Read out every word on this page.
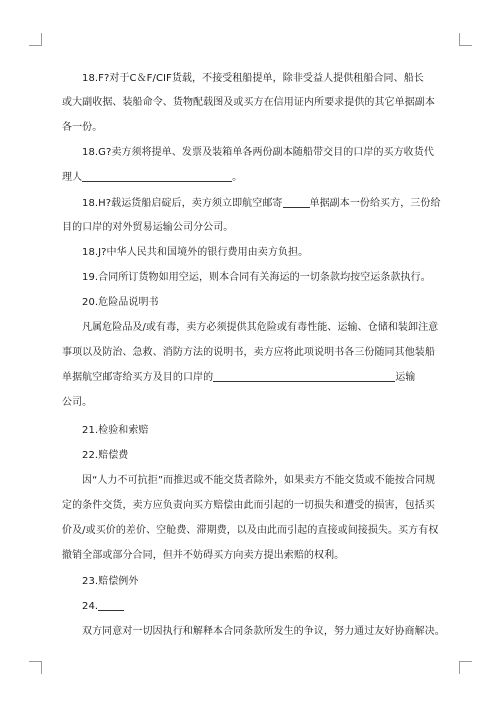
18.F?对于C＆F/CIF货载，不接受租船提单，除非受益人提供租船合同、船长
或大副收据、装船命令、货物配载图及或买方在信用证内所要求提供的其它单据副本
各一份。
18.G?卖方须将提单、发票及装箱单各两份副本随船带交目的口岸的买方收货代
理人	。
18.H?载运货船启碇后，卖方须立即航空邮寄	单据副本一份给买方，三份给
目的口岸的对外贸易运输公司分公司。
18.J?中华人民共和国境外的银行费用由卖方负担。
19.合同所订货物如用空运，则本合同有关海运的一切条款均按空运条款执行。
20.危险品说明书
凡属危险品及/或有毒，卖方必须提供其危险或有毒性能、运输、仓储和装卸注意
事项以及防治、急救、消防方法的说明书，卖方应将此项说明书各三份随同其他装船
单据航空邮寄给买方及目的口岸的	运输
公司。
21.检验和索赔
22.赔偿费
因“人力不可抗拒”而推迟或不能交货者除外，如果卖方不能交货或不能按合同规
定的条件交货，卖方应负责向买方赔偿由此而引起的一切损失和遭受的损害，包括买
价及/或买价的差价、空舱费、滞期费，以及由此而引起的直接或间接损失。买方有权
撤销全部或部分合同，但并不妨碍买方向卖方提出索赔的权利。
23.赔偿例外
24.
双方同意对一切因执行和解释本合同条款所发生的争议，努力通过友好协商解决。
